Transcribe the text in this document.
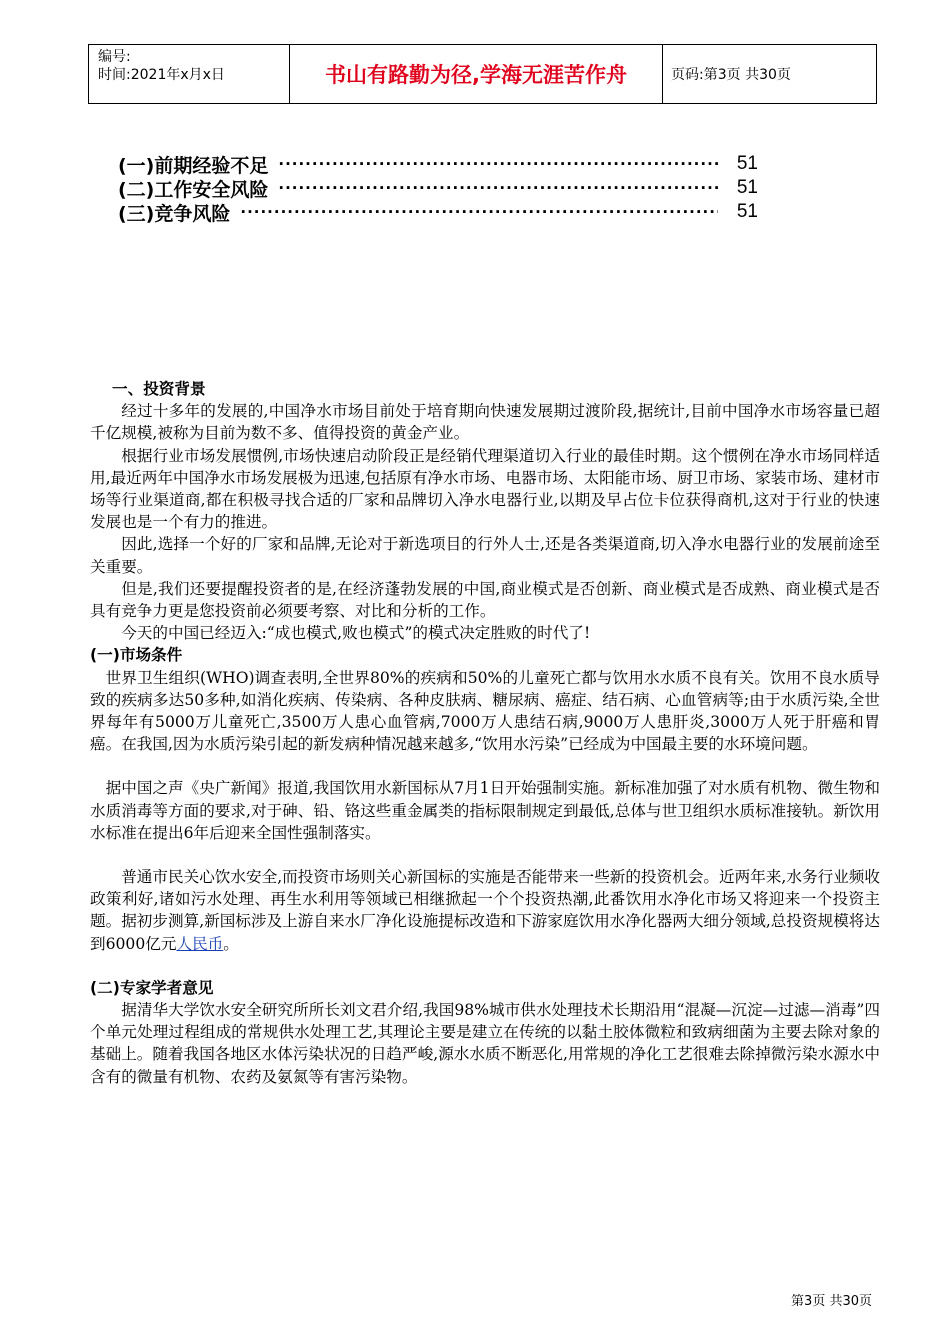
编号:
时间:2021年x月x日	书山有路勤为径,学海无涯苦作舟	页码:第3页 共30页
(一)前期经验不足 ·····	51
(二)工作安全风险 ·····	51
(三)竞争风险 ·····	51
一、投资背景

经过十多年的发展的,中国净水市场目前处于培育期向快速发展期过渡阶段,据统计,目前中国净水市场容量已超千亿规模,被称为目前为数不多、值得投资的黄金产业。

根据行业市场发展惯例,市场快速启动阶段正是经销代理渠道切入行业的最佳时期。这个惯例在净水市场同样适用,最近两年中国净水市场发展极为迅速,包括原有净水市场、电器市场、太阳能市场、厨卫市场、家装市场、建材市场等行业渠道商,都在积极寻找合适的厂家和品牌切入净水电器行业,以期及早占位卡位获得商机,这对于行业的快速发展也是一个有力的推进。

因此,选择一个好的厂家和品牌,无论对于新选项目的行外人士,还是各类渠道商,切入净水电器行业的发展前途至关重要。

但是,我们还要提醒投资者的是,在经济蓬勃发展的中国,商业模式是否创新、商业模式是否成熟、商业模式是否具有竞争力更是您投资前必须要考察、对比和分析的工作。

今天的中国已经迈入:“成也模式,败也模式”的模式决定胜败的时代了!

(一)市场条件

世界卫生组织(WHO)调查表明,全世界80%的疾病和50%的儿童死亡都与饮用水水质不良有关。饮用不良水质导致的疾病多达50多种,如消化疾病、传染病、各种皮肤病、糖尿病、癌症、结石病、心血管病等;由于水质污染,全世界每年有5000万儿童死亡,3500万人患心血管病,7000万人患结石病,9000万人患肝炎,3000万人死于肝癌和胃癌。在我国,因为水质污染引起的新发病种情况越来越多,“饮用水污染”已经成为中国最主要的水环境问题。

据中国之声《央广新闻》报道,我国饮用水新国标从7月1日开始强制实施。新标准加强了对水质有机物、微生物和水质消毒等方面的要求,对于砷、铅、铬这些重金属类的指标限制规定到最低,总体与世卫组织水质标准接轨。新饮用水标准在提出6年后迎来全国性强制落实。

普通市民关心饮水安全,而投资市场则关心新国标的实施是否能带来一些新的投资机会。近两年来,水务行业频收政策利好,诸如污水处理、再生水利用等领域已相继掀起一个个投资热潮,此番饮用水净化市场又将迎来一个投资主题。据初步测算,新国标涉及上游自来水厂净化设施提标改造和下游家庭饮用水净化器两大细分领域,总投资规模将达到6000亿元人民币。

(二)专家学者意见

据清华大学饮水安全研究所所长刘文君介绍,我国98%城市供水处理技术长期沿用“混凝—沉淀—过滤—消毒”四个单元处理过程组成的常规供水处理工艺,其理论主要是建立在传统的以黏土胶体微粒和致病细菌为主要去除对象的基础上。随着我国各地区水体污染状况的日趋严峻,源水水质不断恶化,用常规的净化工艺很难去除掉微污染水源水中含有的微量有机物、农药及氨氮等有害污染物。

第3页 共30页
